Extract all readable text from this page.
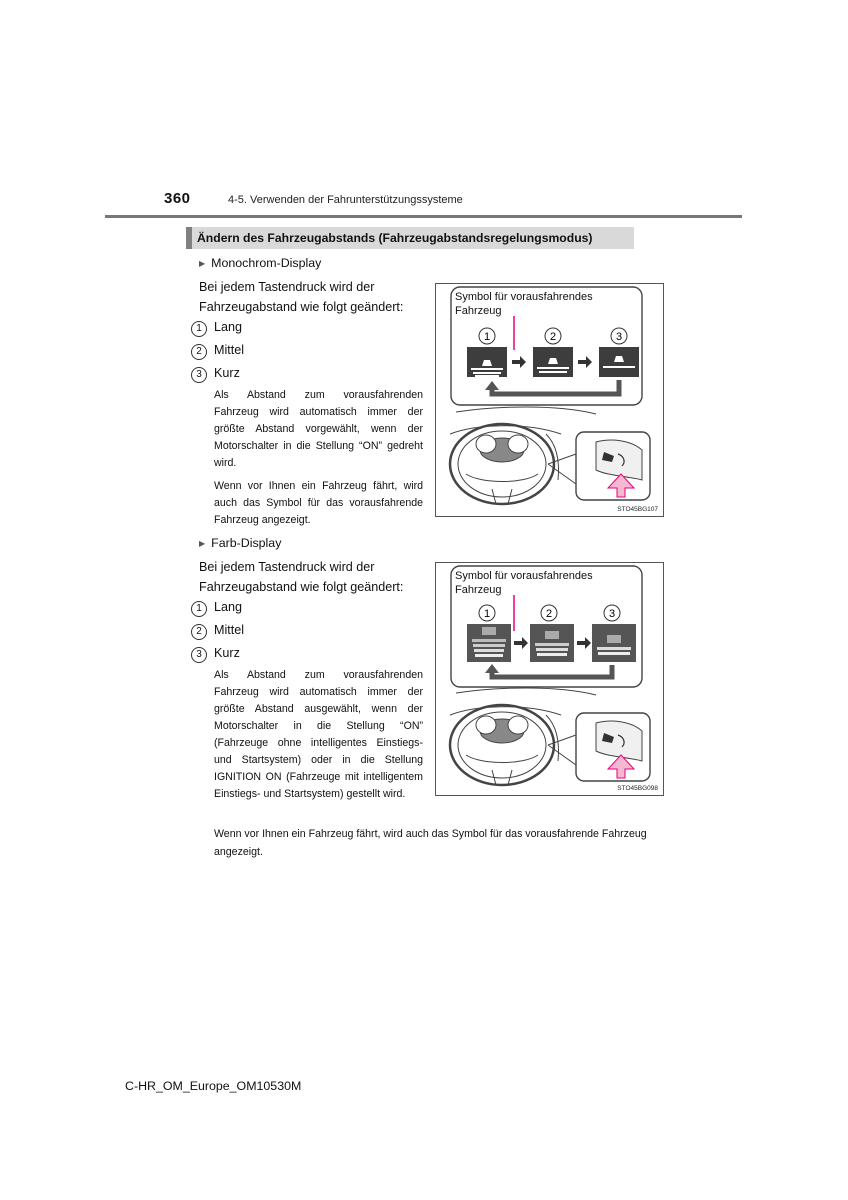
360	4-5. Verwenden der Fahrunterstützungssysteme
Ändern des Fahrzeugabstands (Fahrzeugabstandsregelungsmodus)
▶ Monochrom-Display
Bei jedem Tastendruck wird der Fahrzeugabstand wie folgt geändert:
1 Lang
2 Mittel
3 Kurz
Als Abstand zum vorausfahrenden Fahrzeug wird automatisch immer der größte Abstand vorgewählt, wenn der Motorschalter in die Stellung “ON” gedreht wird.
Wenn vor Ihnen ein Fahrzeug fährt, wird auch das Symbol für das vorausfahrende Fahrzeug angezeigt.
1	2	3
Symbol für vorausfahrendes Fahrzeug
STO45BG107
▶ Farb-Display
Bei jedem Tastendruck wird der Fahrzeugabstand wie folgt geändert:
1 Lang
2 Mittel
3 Kurz
Als Abstand zum vorausfahrenden Fahrzeug wird automatisch immer der größte Abstand ausgewählt, wenn der Motorschalter in die Stellung “ON” (Fahrzeuge ohne intelligentes Einstiegs- und Startsystem) oder in die Stellung IGNITION ON (Fahrzeuge mit intelligentem Einstiegs- und Startsystem) gestellt wird.
Wenn vor Ihnen ein Fahrzeug fährt, wird auch das Symbol für das vorausfahrende Fahrzeug angezeigt.
1	2	3
Symbol für vorausfahrendes Fahrzeug
STO45BG098
C-HR_OM_Europe_OM10530M
